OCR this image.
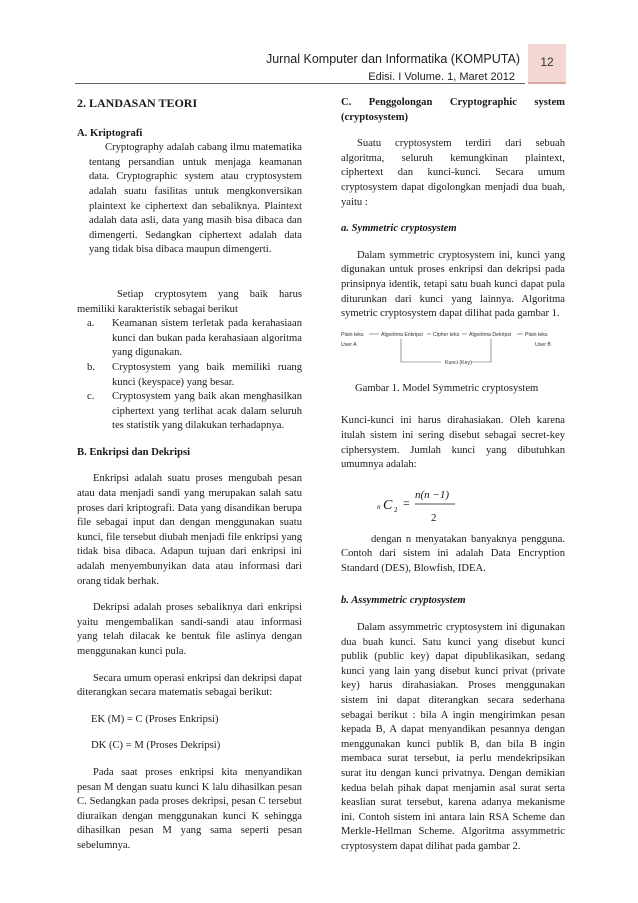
Jurnal Komputer dan Informatika (KOMPUTA)
Edisi. I Volume. 1, Maret 2012
12

2. LANDASAN TEORI

A. Kriptografi

Cryptography adalah cabang ilmu matematika tentang persandian untuk menjaga keamanan data. Cryptographic system atau cryptosystem adalah suatu fasilitas untuk mengkonversikan plaintext ke ciphertext dan sebaliknya. Plaintext adalah data asli, data yang masih bisa dibaca dan dimengerti. Sedangkan ciphertext adalah data yang tidak bisa dibaca maupun dimengerti.

Setiap cryptosytem yang baik harus memiliki karakteristik sebagai berikut

a.	Keamanan sistem terletak pada kerahasiaan kunci dan bukan pada kerahasiaan algoritma yang digunakan.
b.	Cryptosystem yang baik memiliki ruang kunci (keyspace) yang besar.
c.	Cryptosystem yang baik akan menghasilkan ciphertext yang terlihat acak dalam seluruh tes statistik yang dilakukan terhadapnya.

B. Enkripsi dan Dekripsi

Enkripsi adalah suatu proses mengubah pesan atau data menjadi sandi yang merupakan salah satu proses dari kriptografi. Data yang disandikan berupa file sebagai input dan dengan menggunakan suatu kunci, file tersebut diubah menjadi file enkripsi yang tidak bisa dibaca. Adapun tujuan dari enkripsi ini adalah menyembunyikan data atau informasi dari orang tidak berhak.

Dekripsi adalah proses sebaliknya dari enkripsi yaitu mengembalikan sandi-sandi atau informasi yang telah dilacak ke bentuk file aslinya dengan menggunakan kunci pula.

Secara umum operasi enkripsi dan dekripsi dapat diterangkan secara matematis sebagai berikut:

EK (M) = C (Proses Enkripsi)

DK (C) = M (Proses Dekripsi)

Pada saat proses enkripsi kita menyandikan pesan M dengan suatu kunci K lalu dihasilkan pesan C. Sedangkan pada proses dekripsi, pesan C tersebut diuraikan dengan menggunakan kunci K sehingga dihasilkan pesan M yang sama seperti pesan sebelumnya.

C. Penggolongan Cryptographic system (cryptosystem)

Suatu cryptosystem terdiri dari sebuah algoritma, seluruh kemungkinan plaintext, ciphertext dan kunci-kunci. Secara umum cryptosystem dapat digolongkan menjadi dua buah, yaitu :

a. Symmetric cryptosystem

Dalam symmetric cryptosystem ini, kunci yang digunakan untuk proses enkripsi dan dekripsi pada prinsipnya identik, tetapi satu buah kunci dapat pula diturunkan dari kunci yang lainnya. Algoritma symetric cryptosystem dapat dilihat pada gambar 1.

Plain teks	Algoritma Enkripsi Cipher teks Algoritma Dekripsi	Plain teks
User A	User B
Kunci (Key)

Gambar 1. Model Symmetric cryptosystem

Kunci-kunci ini harus dirahasiakan. Oleh karena itulah sistem ini sering disebut sebagai secret-key ciphersystem. Jumlah kunci yang dibutuhkan umumnya adalah:

n C 2 =
n(n −1)
2

dengan n menyatakan banyaknya pengguna. Contoh dari sistem ini adalah Data Encryption Standard (DES), Blowfish, IDEA.

b. Assymmetric cryptosystem

Dalam assymmetric cryptosystem ini digunakan dua buah kunci. Satu kunci yang disebut kunci publik (public key) dapat dipublikasikan, sedang kunci yang lain yang disebut kunci privat (private key) harus dirahasiakan. Proses menggunakan sistem ini dapat diterangkan secara sederhana sebagai berikut : bila A ingin mengirimkan pesan kepada B, A dapat menyandikan pesannya dengan menggunakan kunci publik B, dan bila B ingin membaca surat tersebut, ia perlu mendekripsikan surat itu dengan kunci privatnya. Dengan demikian kedua belah pihak dapat menjamin asal surat serta keaslian surat tersebut, karena adanya mekanisme ini. Contoh sistem ini antara lain RSA Scheme dan Merkle-Hellman Scheme. Algoritma assymmetric cryptosystem dapat dilihat pada gambar 2.
